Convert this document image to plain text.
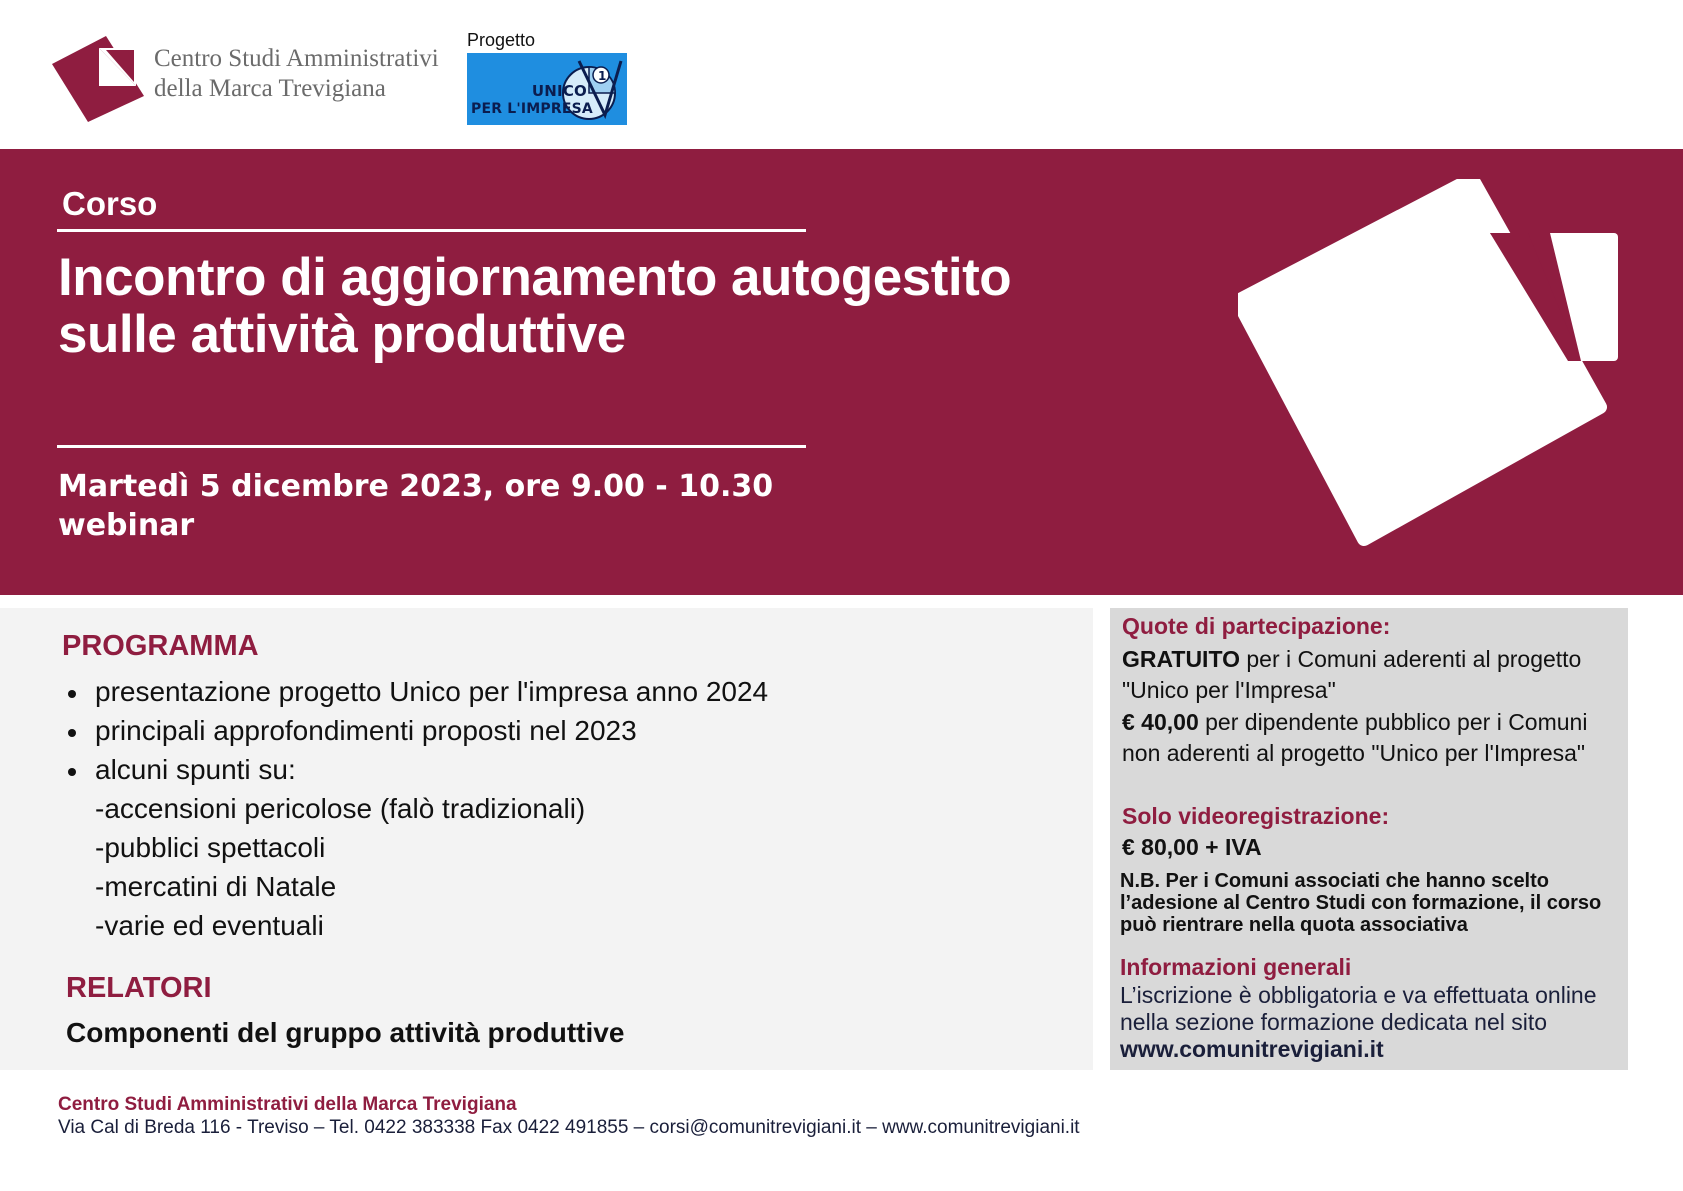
Centro Studi Amministrativi
della Marca Trevigiana
Progetto
1
UNICO
PER L'IMPRESA
Corso
Incontro di aggiornamento autogestito
sulle attività produttive
Martedì 5 dicembre 2023, ore 9.00 - 10.30
webinar
PROGRAMMA
presentazione progetto Unico per l'impresa anno 2024
principali approfondimenti proposti nel 2023
alcuni spunti su:
-accensioni pericolose (falò tradizionali)
-pubblici spettacoli
-mercatini di Natale
-varie ed eventuali
RELATORI
Componenti del gruppo attività produttive
Quote di partecipazione:
GRATUITO per i Comuni aderenti al progetto "Unico per l'Impresa"
€ 40,00 per dipendente pubblico per i Comuni non aderenti al progetto "Unico per l'Impresa"
Solo videoregistrazione:
€ 80,00 + IVA
N.B. Per i Comuni associati che hanno scelto l’adesione al Centro Studi con formazione, il corso può rientrare nella quota associativa
Informazioni generali
L’iscrizione è obbligatoria e va effettuata online nella sezione formazione dedicata nel sito www.comunitrevigiani.it
Centro Studi Amministrativi della Marca Trevigiana
Via Cal di Breda 116 - Treviso – Tel. 0422 383338 Fax 0422 491855 – corsi@comunitrevigiani.it – www.comunitrevigiani.it
